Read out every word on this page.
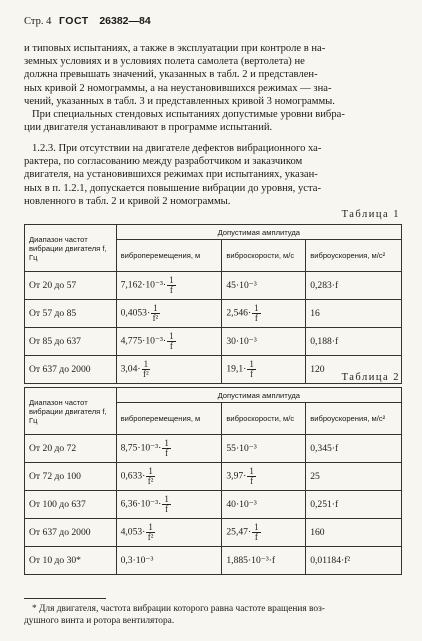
Стр. 4 ГОСТ 26382—84
и типовых испытаниях, а также в эксплуатации при контроле в на-
земных условиях и в условиях полета самолета (вертолета) не
должна превышать значений, указанных в табл. 2 и представлен-
ных кривой 2 номограммы, а на неустановившихся режимах — зна-
чений, указанных в табл. 3 и представленных кривой 3 номограммы.
При специальных стендовых испытаниях допустимые уровни вибра-
ции двигателя устанавливают в программе испытаний.
1.2.3. При отсутствии на двигателе дефектов вибрационного ха-
рактера, по согласованию между разработчиком и заказчиком
двигателя, на установившихся режимах при испытаниях, указан-
ных в п. 1.2.1, допускается повышение вибрации до уровня, уста-
новленного в табл. 2 и кривой 2 номограммы.
Таблица 1
Диапазон частот вибрации двигателя f, Гц	Допустимая амплитуда		
	виброперемещения, м	виброскорости, м/с	виброускорения, м/с²
От 20 до 57	$7,162\cdot 10^{-3}\cdot \frac{1}{f}$	45·10⁻³	0,283·f
От 57 до 85	$0,4053\cdot \frac{1}{\text{f²}}$	$2,546\cdot \frac{1}{f}$	16
От 85 до 637	$4,775\cdot 10^{-3}\cdot \frac{1}{f}$	30·10⁻³	0,188·f
От 637 до 2000	$3,04\cdot \frac{1}{\text{f²}}$	$19,1\cdot \frac{1}{f}$	120
Таблица 2
Диапазон частот вибрации двигателя f, Гц	Допустимая амплитуда		
	виброперемещения, м	виброскорости, м/с	виброускорения, м/с²
От 20 до 72	$8,75\cdot 10^{-3}\cdot \frac{1}{f}$	55·10⁻³	0,345·f
От 72 до 100	$0,633\cdot \frac{1}{\text{f²}}$	$3,97\cdot \frac{1}{f}$	25
От 100 до 637	$6,36\cdot 10^{-3}\cdot \frac{1}{f}$	40·10⁻³	0,251·f
От 637 до 2000	$4,053\cdot \frac{1}{\text{f²}}$	$25,47\cdot \frac{1}{f}$	160
От 10 до 30*	0,3·10⁻³	1,885·10⁻³·f	0,01184·f²
* Для двигателя, частота вибрации которого равна частоте вращения воз-
душного винта и ротора вентилятора.
